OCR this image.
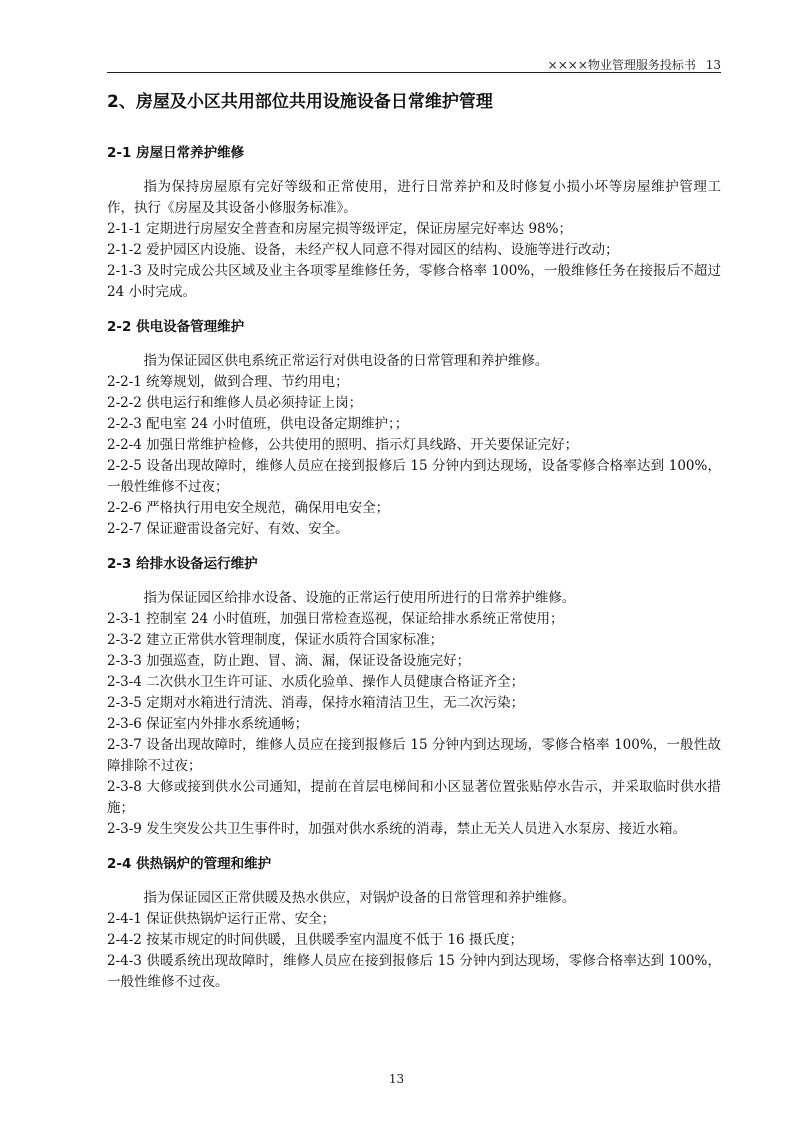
××××物业管理服务投标书 13
2、房屋及小区共用部位共用设施设备日常维护管理
2-1 房屋日常养护维修

指为保持房屋原有完好等级和正常使用，进行日常养护和及时修复小损小坏等房屋维护管理工作，执行《房屋及其设备小修服务标准》。

2-1-1 定期进行房屋安全普查和房屋完损等级评定，保证房屋完好率达 98%；

2-1-2 爱护园区内设施、设备，未经产权人同意不得对园区的结构、设施等进行改动；

2-1-3 及时完成公共区域及业主各项零星维修任务，零修合格率 100%，一般维修任务在接报后不超过 24 小时完成。

2-2 供电设备管理维护

指为保证园区供电系统正常运行对供电设备的日常管理和养护维修。

2-2-1 统筹规划，做到合理、节约用电；

2-2-2 供电运行和维修人员必须持证上岗；

2-2-3 配电室 24 小时值班，供电设备定期维护；；

2-2-4 加强日常维护检修，公共使用的照明、指示灯具线路、开关要保证完好；

2-2-5 设备出现故障时，维修人员应在接到报修后 15 分钟内到达现场，设备零修合格率达到 100%，一般性维修不过夜；

2-2-6 严格执行用电安全规范，确保用电安全；

2-2-7 保证避雷设备完好、有效、安全。

2-3 给排水设备运行维护

指为保证园区给排水设备、设施的正常运行使用所进行的日常养护维修。

2-3-1 控制室 24 小时值班，加强日常检查巡视，保证给排水系统正常使用；

2-3-2 建立正常供水管理制度，保证水质符合国家标准；

2-3-3 加强巡查，防止跑、冒、滴、漏，保证设备设施完好；

2-3-4 二次供水卫生许可证、水质化验单、操作人员健康合格证齐全；

2-3-5 定期对水箱进行清洗、消毒，保持水箱清洁卫生，无二次污染；

2-3-6 保证室内外排水系统通畅；

2-3-7 设备出现故障时，维修人员应在接到报修后 15 分钟内到达现场，零修合格率 100%，一般性故障排除不过夜；

2-3-8 大修或接到供水公司通知，提前在首层电梯间和小区显著位置张贴停水告示，并采取临时供水措施；

2-3-9 发生突发公共卫生事件时，加强对供水系统的消毒，禁止无关人员进入水泵房、接近水箱。

2-4 供热锅炉的管理和维护

指为保证园区正常供暖及热水供应，对锅炉设备的日常管理和养护维修。

2-4-1 保证供热锅炉运行正常、安全；

2-4-2 按某市规定的时间供暖，且供暖季室内温度不低于 16 摄氏度；

2-4-3 供暖系统出现故障时，维修人员应在接到报修后 15 分钟内到达现场，零修合格率达到 100%，一般性维修不过夜。

13
